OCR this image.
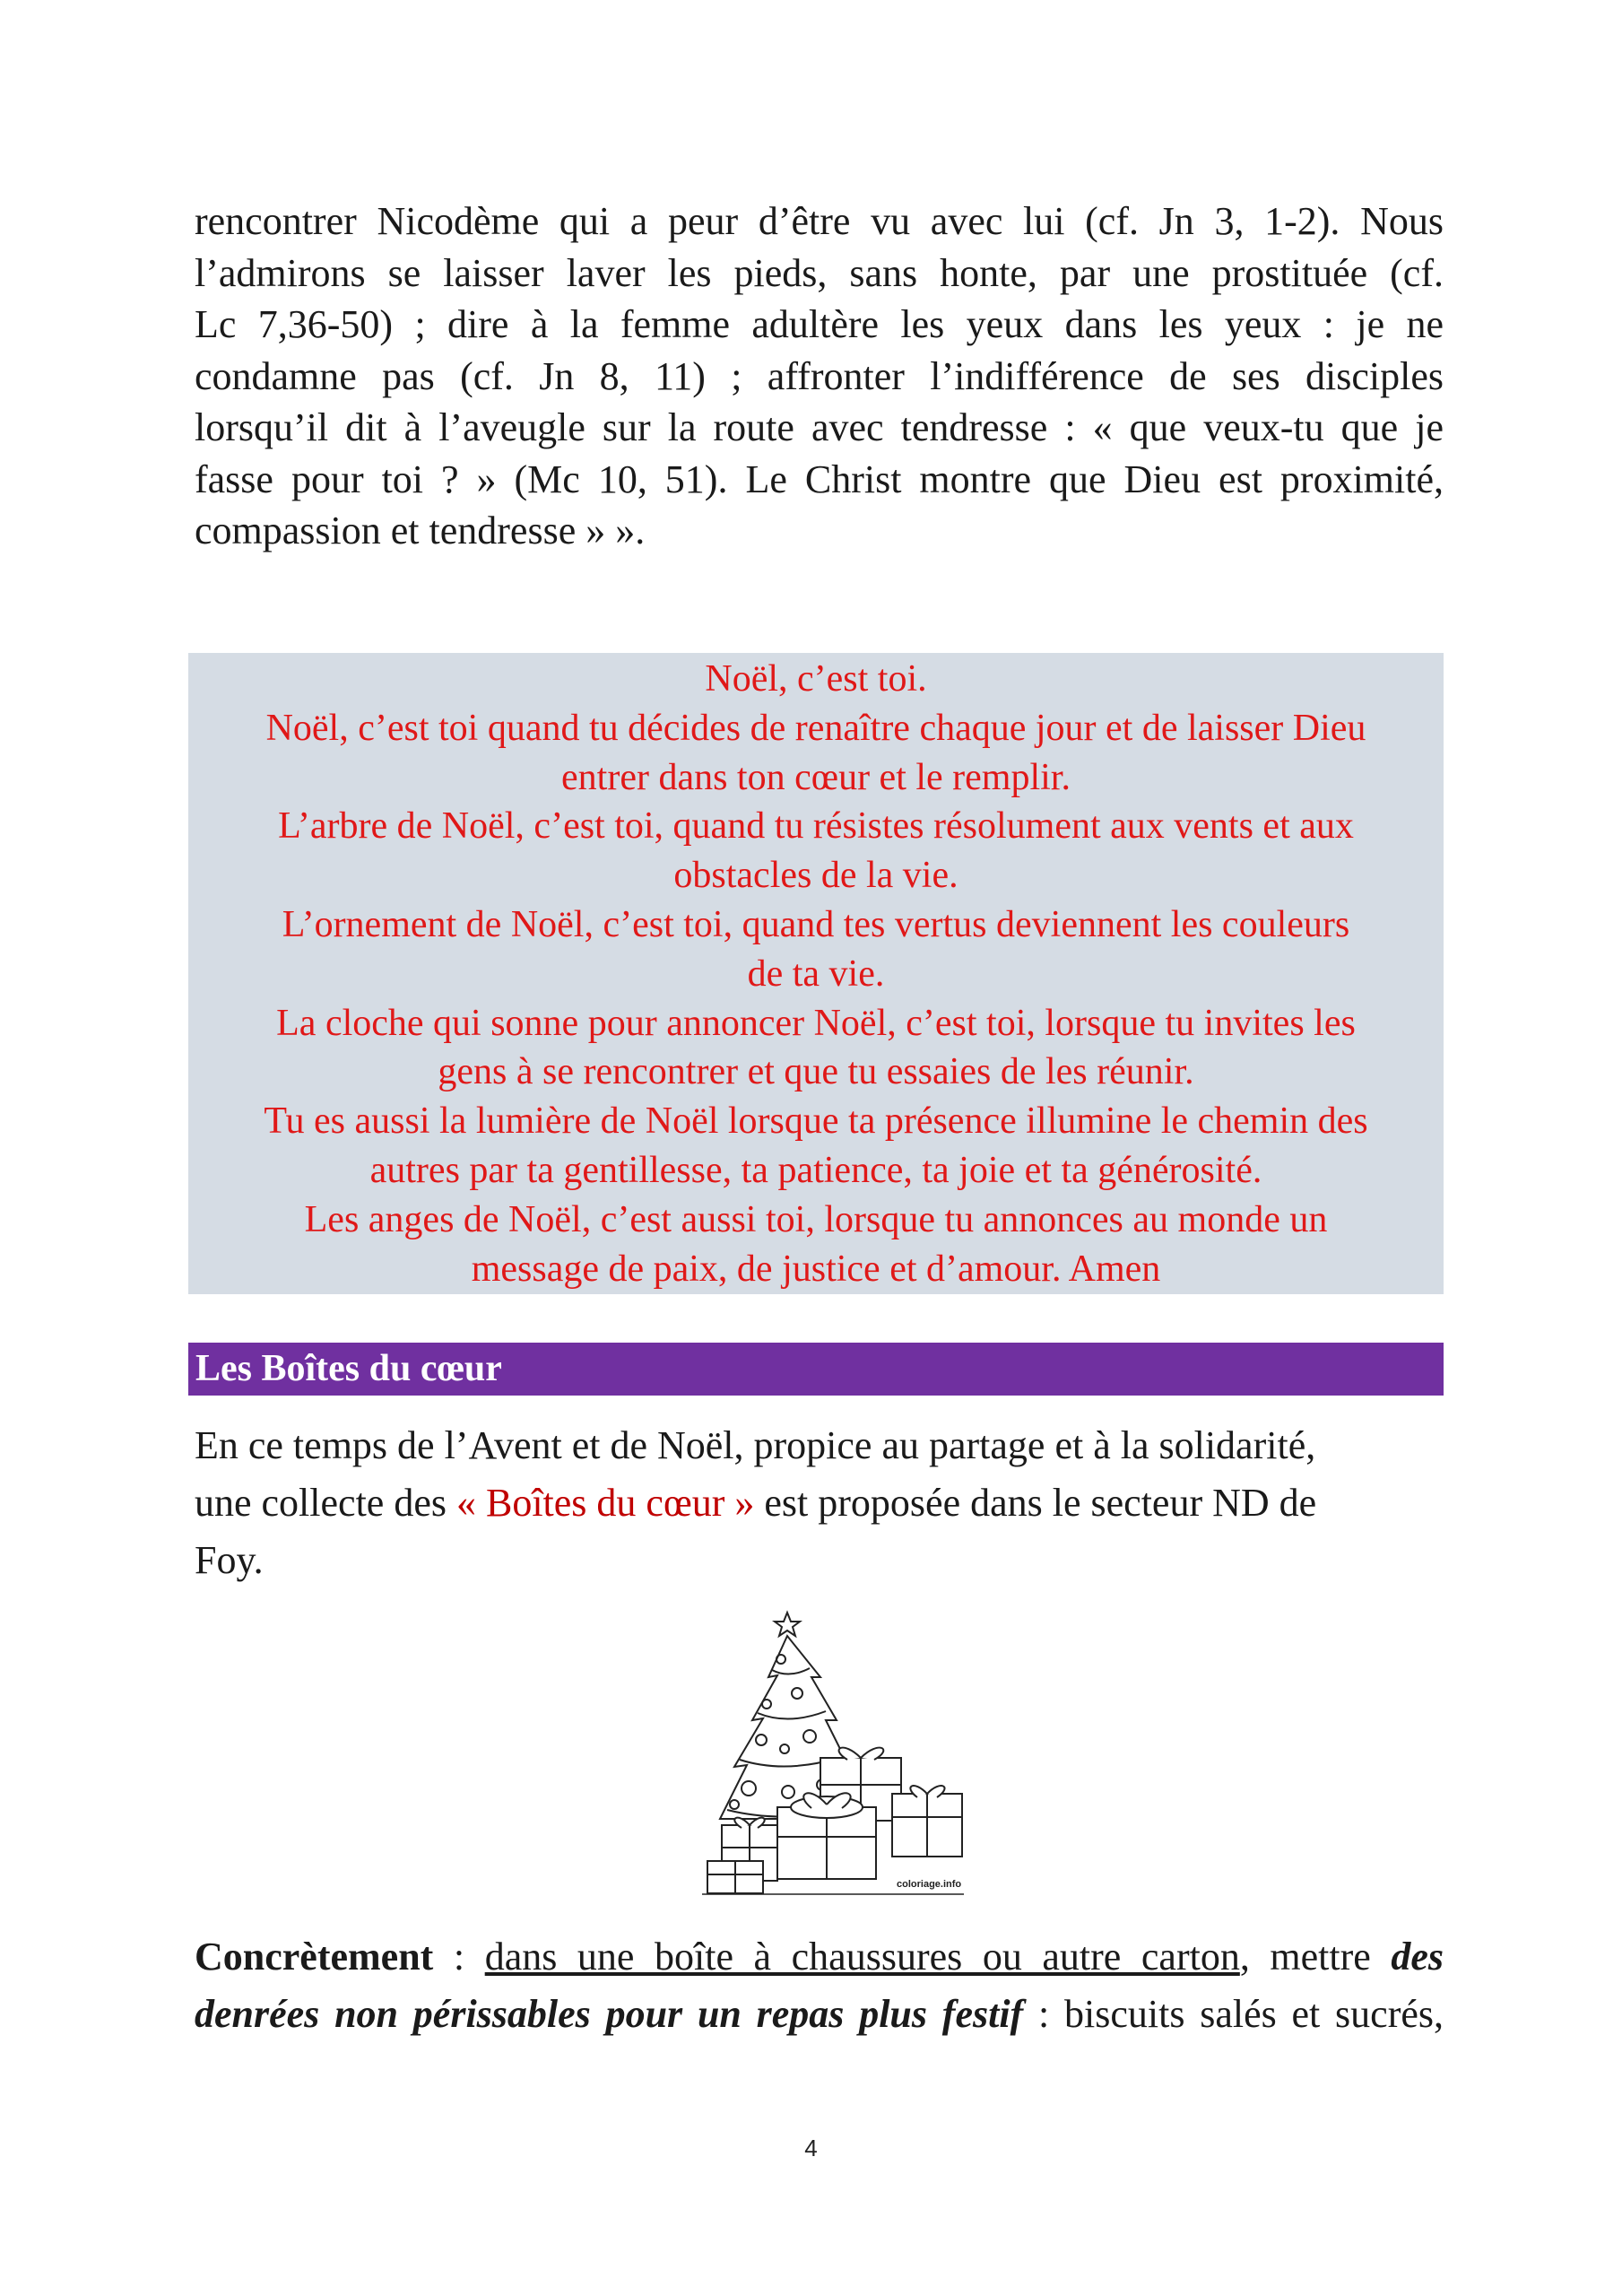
rencontrer Nicodème qui a peur d’être vu avec lui (cf. Jn 3, 1-2). Nous
l’admirons se laisser laver les pieds, sans honte, par une prostituée (cf.
Lc 7,36-50) ; dire à la femme adultère les yeux dans les yeux : je ne
condamne pas (cf. Jn 8, 11) ; affronter l’indifférence de ses disciples
lorsqu’il dit à l’aveugle sur la route avec tendresse : « que veux-tu que je
fasse pour toi ? » (Mc 10, 51). Le Christ montre que Dieu est proximité,
compassion et tendresse » ».
Noël, c’est toi.
Noël, c’est toi quand tu décides de renaître chaque jour et de laisser Dieu
entrer dans ton cœur et le remplir.
L’arbre de Noël, c’est toi, quand tu résistes résolument aux vents et aux
obstacles de la vie.
L’ornement de Noël, c’est toi, quand tes vertus deviennent les couleurs
de ta vie.
La cloche qui sonne pour annoncer Noël, c’est toi, lorsque tu invites les
gens à se rencontrer et que tu essaies de les réunir.
Tu es aussi la lumière de Noël lorsque ta présence illumine le chemin des
autres par ta gentillesse, ta patience, ta joie et ta générosité.
Les anges de Noël, c’est aussi toi, lorsque tu annonces au monde un
message de paix, de justice et d’amour. Amen
Les Boîtes du cœur
En ce temps de l’Avent et de Noël, propice au partage et à la solidarité,
une collecte des « Boîtes du cœur » est proposée dans le secteur ND de
Foy.
coloriage.info
Concrètement : dans une boîte à chaussures ou autre carton, mettre des
denrées non périssables pour un repas plus festif : biscuits salés et sucrés,
4
